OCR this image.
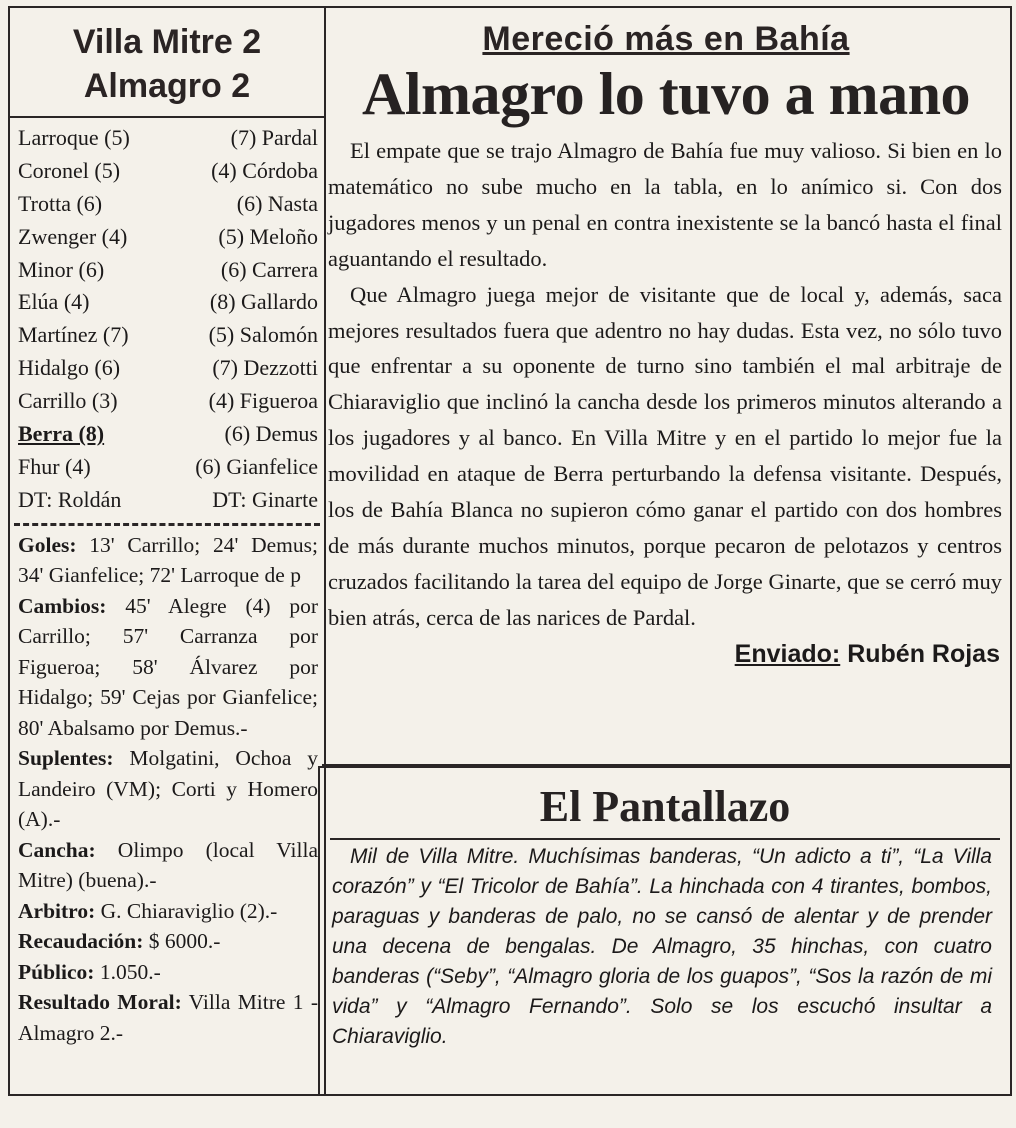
Villa Mitre 2
Almagro 2
Larroque (5)	(7) Pardal
Coronel (5)	(4) Córdoba
Trotta (6)	(6) Nasta
Zwenger (4)	(5) Meloño
Minor (6)	(6) Carrera
Elúa (4)	(8) Gallardo
Martínez (7)	(5) Salomón
Hidalgo (6)	(7) Dezzotti
Carrillo (3)	(4) Figueroa
Berra (8)	(6) Demus
Fhur (4)	(6) Gianfelice
DT: Roldán	DT: Ginarte

Goles: 13' Carrillo; 24' Demus; 34' Gianfelice; 72' Larroque de p

Cambios: 45' Alegre (4) por Carrillo; 57' Carranza por Figueroa; 58' Álvarez por Hidalgo; 59' Cejas por Gianfelice; 80' Abalsamo por Demus.-

Suplentes: Molgatini, Ochoa y Landeiro (VM); Corti y Homero (A).-

Cancha: Olimpo (local Villa Mitre) (buena).-

Arbitro: G. Chiaraviglio (2).-

Recaudación: $ 6000.-

Público: 1.050.-

Resultado Moral: Villa Mitre 1 - Almagro 2.-

Mereció más en Bahía
Almagro lo tuvo a mano

El empate que se trajo Almagro de Bahía fue muy valioso. Si bien en lo matemático no sube mucho en la tabla, en lo anímico si. Con dos jugadores menos y un penal en contra inexistente se la bancó hasta el final aguantando el resultado.

Que Almagro juega mejor de visitante que de local y, además, saca mejores resultados fuera que adentro no hay dudas. Esta vez, no sólo tuvo que enfrentar a su oponente de turno sino también el mal arbitraje de Chiaraviglio que inclinó la cancha desde los primeros minutos alterando a los jugadores y al banco. En Villa Mitre y en el partido lo mejor fue la movilidad en ataque de Berra perturbando la defensa visitante. Después, los de Bahía Blanca no supieron cómo ganar el partido con dos hombres de más durante muchos minutos, porque pecaron de pelotazos y centros cruzados facilitando la tarea del equipo de Jorge Ginarte, que se cerró muy bien atrás, cerca de las narices de Pardal.

Enviado: Rubén Rojas
El Pantallazo
Mil de Villa Mitre. Muchísimas banderas, “Un adicto a ti”, “La Villa corazón” y “El Tricolor de Bahía”. La hinchada con 4 tirantes, bombos, paraguas y banderas de palo, no se cansó de alentar y de prender una decena de bengalas. De Almagro, 35 hinchas, con cuatro banderas (“Seby”, “Almagro gloria de los guapos”, “Sos la razón de mi vida” y “Almagro Fernando”. Solo se los escuchó insultar a Chiaraviglio.
